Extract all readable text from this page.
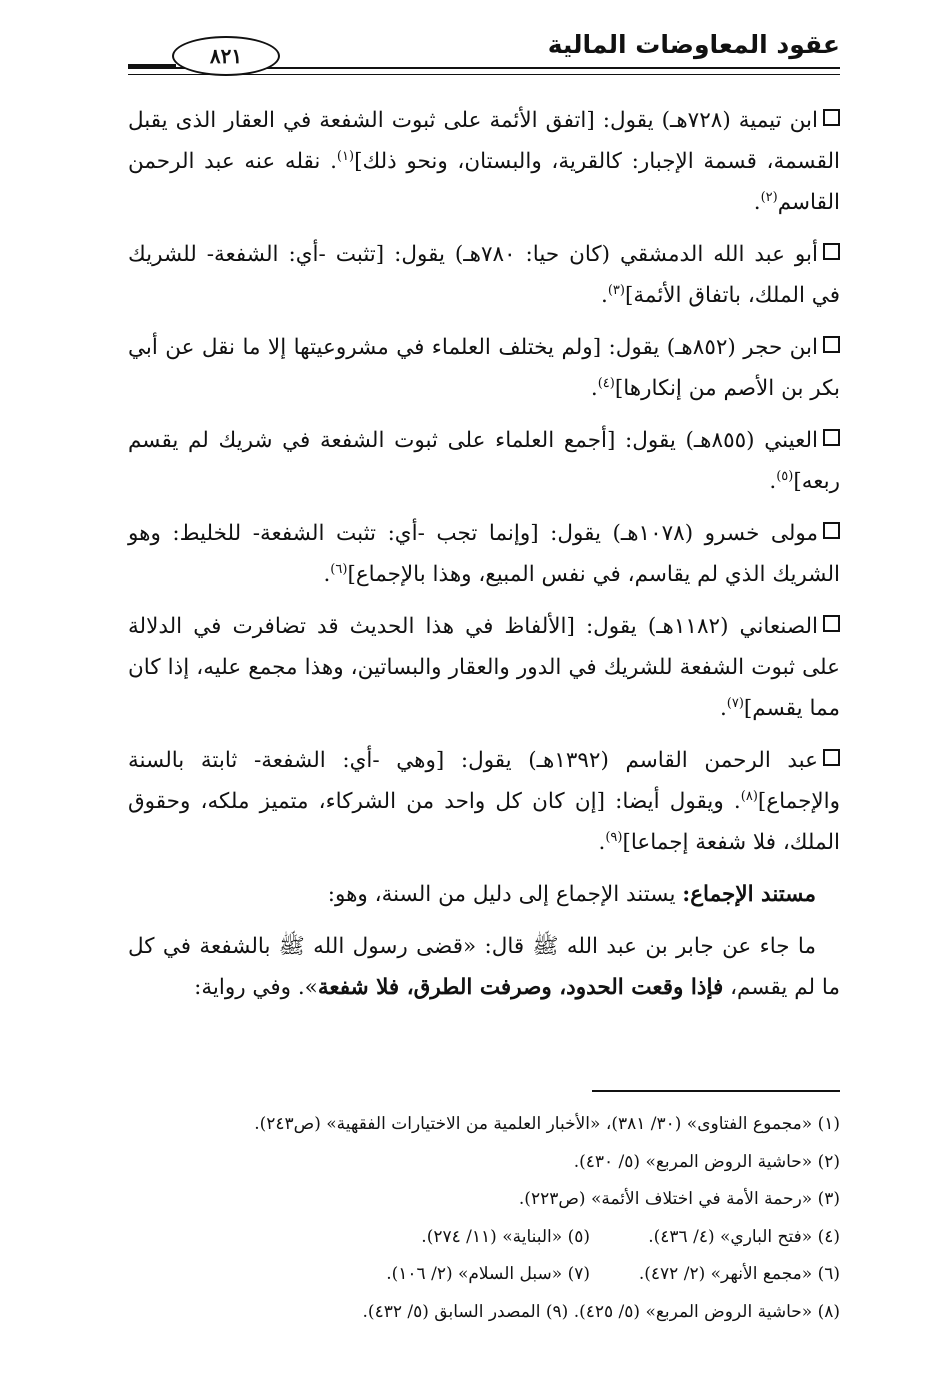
عقود المعاوضات المالية
٨٢١

ابن تيمية (٧٢٨هـ) يقول: [اتفق الأئمة على ثبوت الشفعة في العقار الذى يقبل القسمة، قسمة الإجبار: كالقرية، والبستان، ونحو ذلك]$^{(١)}$. نقله عنه عبد الرحمن القاسم$^{(٢)}$.

أبو عبد الله الدمشقي (كان حيا: ٧٨٠هـ) يقول: [تثبت -أي: الشفعة- للشريك في الملك، باتفاق الأئمة]$^{(٣)}$.

ابن حجر (٨٥٢هـ) يقول: [ولم يختلف العلماء في مشروعيتها إلا ما نقل عن أبي بكر بن الأصم من إنكارها]$^{(٤)}$.

العيني (٨٥٥هـ) يقول: [أجمع العلماء على ثبوت الشفعة في شريك لم يقسم ربعه]$^{(٥)}$.

مولى خسرو (١٠٧٨هـ) يقول: [وإنما تجب -أي: تثبت الشفعة- للخليط: وهو الشريك الذي لم يقاسم، في نفس المبيع، وهذا بالإجماع]$^{(٦)}$.

الصنعاني (١١٨٢هـ) يقول: [الألفاظ في هذا الحديث قد تضافرت في الدلالة على ثبوت الشفعة للشريك في الدور والعقار والبساتين، وهذا مجمع عليه، إذا كان مما يقسم]$^{(٧)}$.

عبد الرحمن القاسم (١٣٩٢هـ) يقول: [وهي -أي: الشفعة- ثابتة بالسنة والإجماع]$^{(٨)}$. ويقول أيضا: [إن كان كل واحد من الشركاء، متميز ملكه، وحقوق الملك، فلا شفعة إجماعا]$^{(٩)}$.

مستند الإجماع: يستند الإجماع إلى دليل من السنة، وهو:

ما جاء عن جابر بن عبد الله ﷺ قال: «قضى رسول الله ﷺ بالشفعة في كل ما لم يقسم، فإذا وقعت الحدود، وصرفت الطرق، فلا شفعة». وفي رواية:

(١) «مجموع الفتاوى» (٣٠/ ٣٨١)، «الأخبار العلمية من الاختيارات الفقهية» (ص٢٤٣).

(٢) «حاشية الروض المربع» (٥/ ٤٣٠).

(٣) «رحمة الأمة في اختلاف الأئمة» (ص٢٢٣).

(٤) «فتح الباري» (٤/ ٤٣٦).(٥) «البناية» (١١/ ٢٧٤).

(٦) «مجمع الأنهر» (٢/ ٤٧٢).(٧) «سبل السلام» (٢/ ١٠٦).

(٨) «حاشية الروض المربع» (٥/ ٤٢٥). (٩) المصدر السابق (٥/ ٤٣٢).
